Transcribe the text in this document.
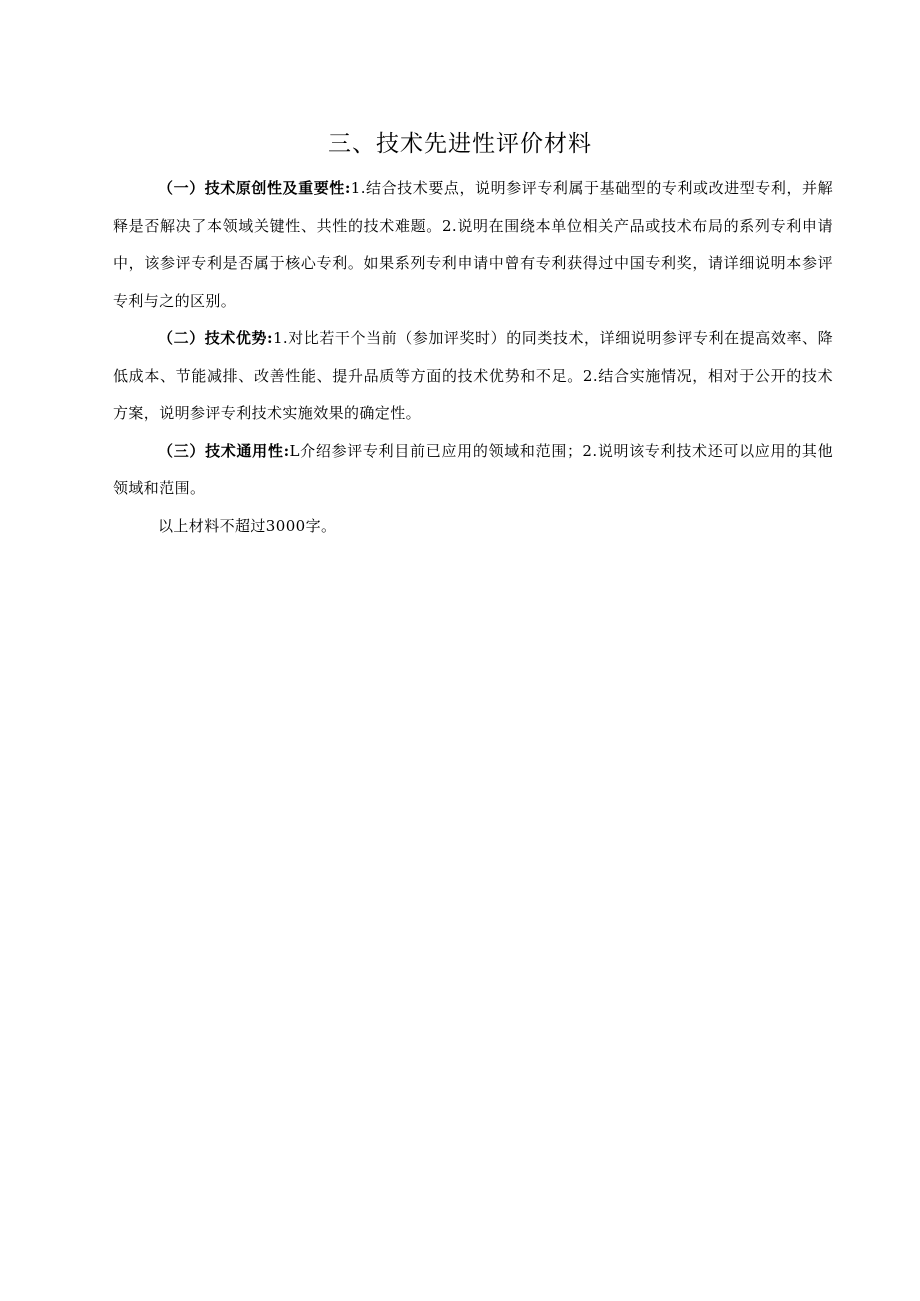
三、技术先进性评价材料

（一）技术原创性及重要性:1.结合技术要点，说明参评专利属于基础型的专利或改进型专利，并解释是否解决了本领域关键性、共性的技术难题。2.说明在围绕本单位相关产品或技术布局的系列专利申请中，该参评专利是否属于核心专利。如果系列专利申请中曾有专利获得过中国专利奖，请详细说明本参评专利与之的区别。

（二）技术优势:1.对比若干个当前（参加评奖时）的同类技术，详细说明参评专利在提高效率、降低成本、节能减排、改善性能、提升品质等方面的技术优势和不足。2.结合实施情况，相对于公开的技术方案，说明参评专利技术实施效果的确定性。

（三）技术通用性:L介绍参评专利目前已应用的领域和范围；2.说明该专利技术还可以应用的其他领域和范围。

以上材料不超过3000字。
